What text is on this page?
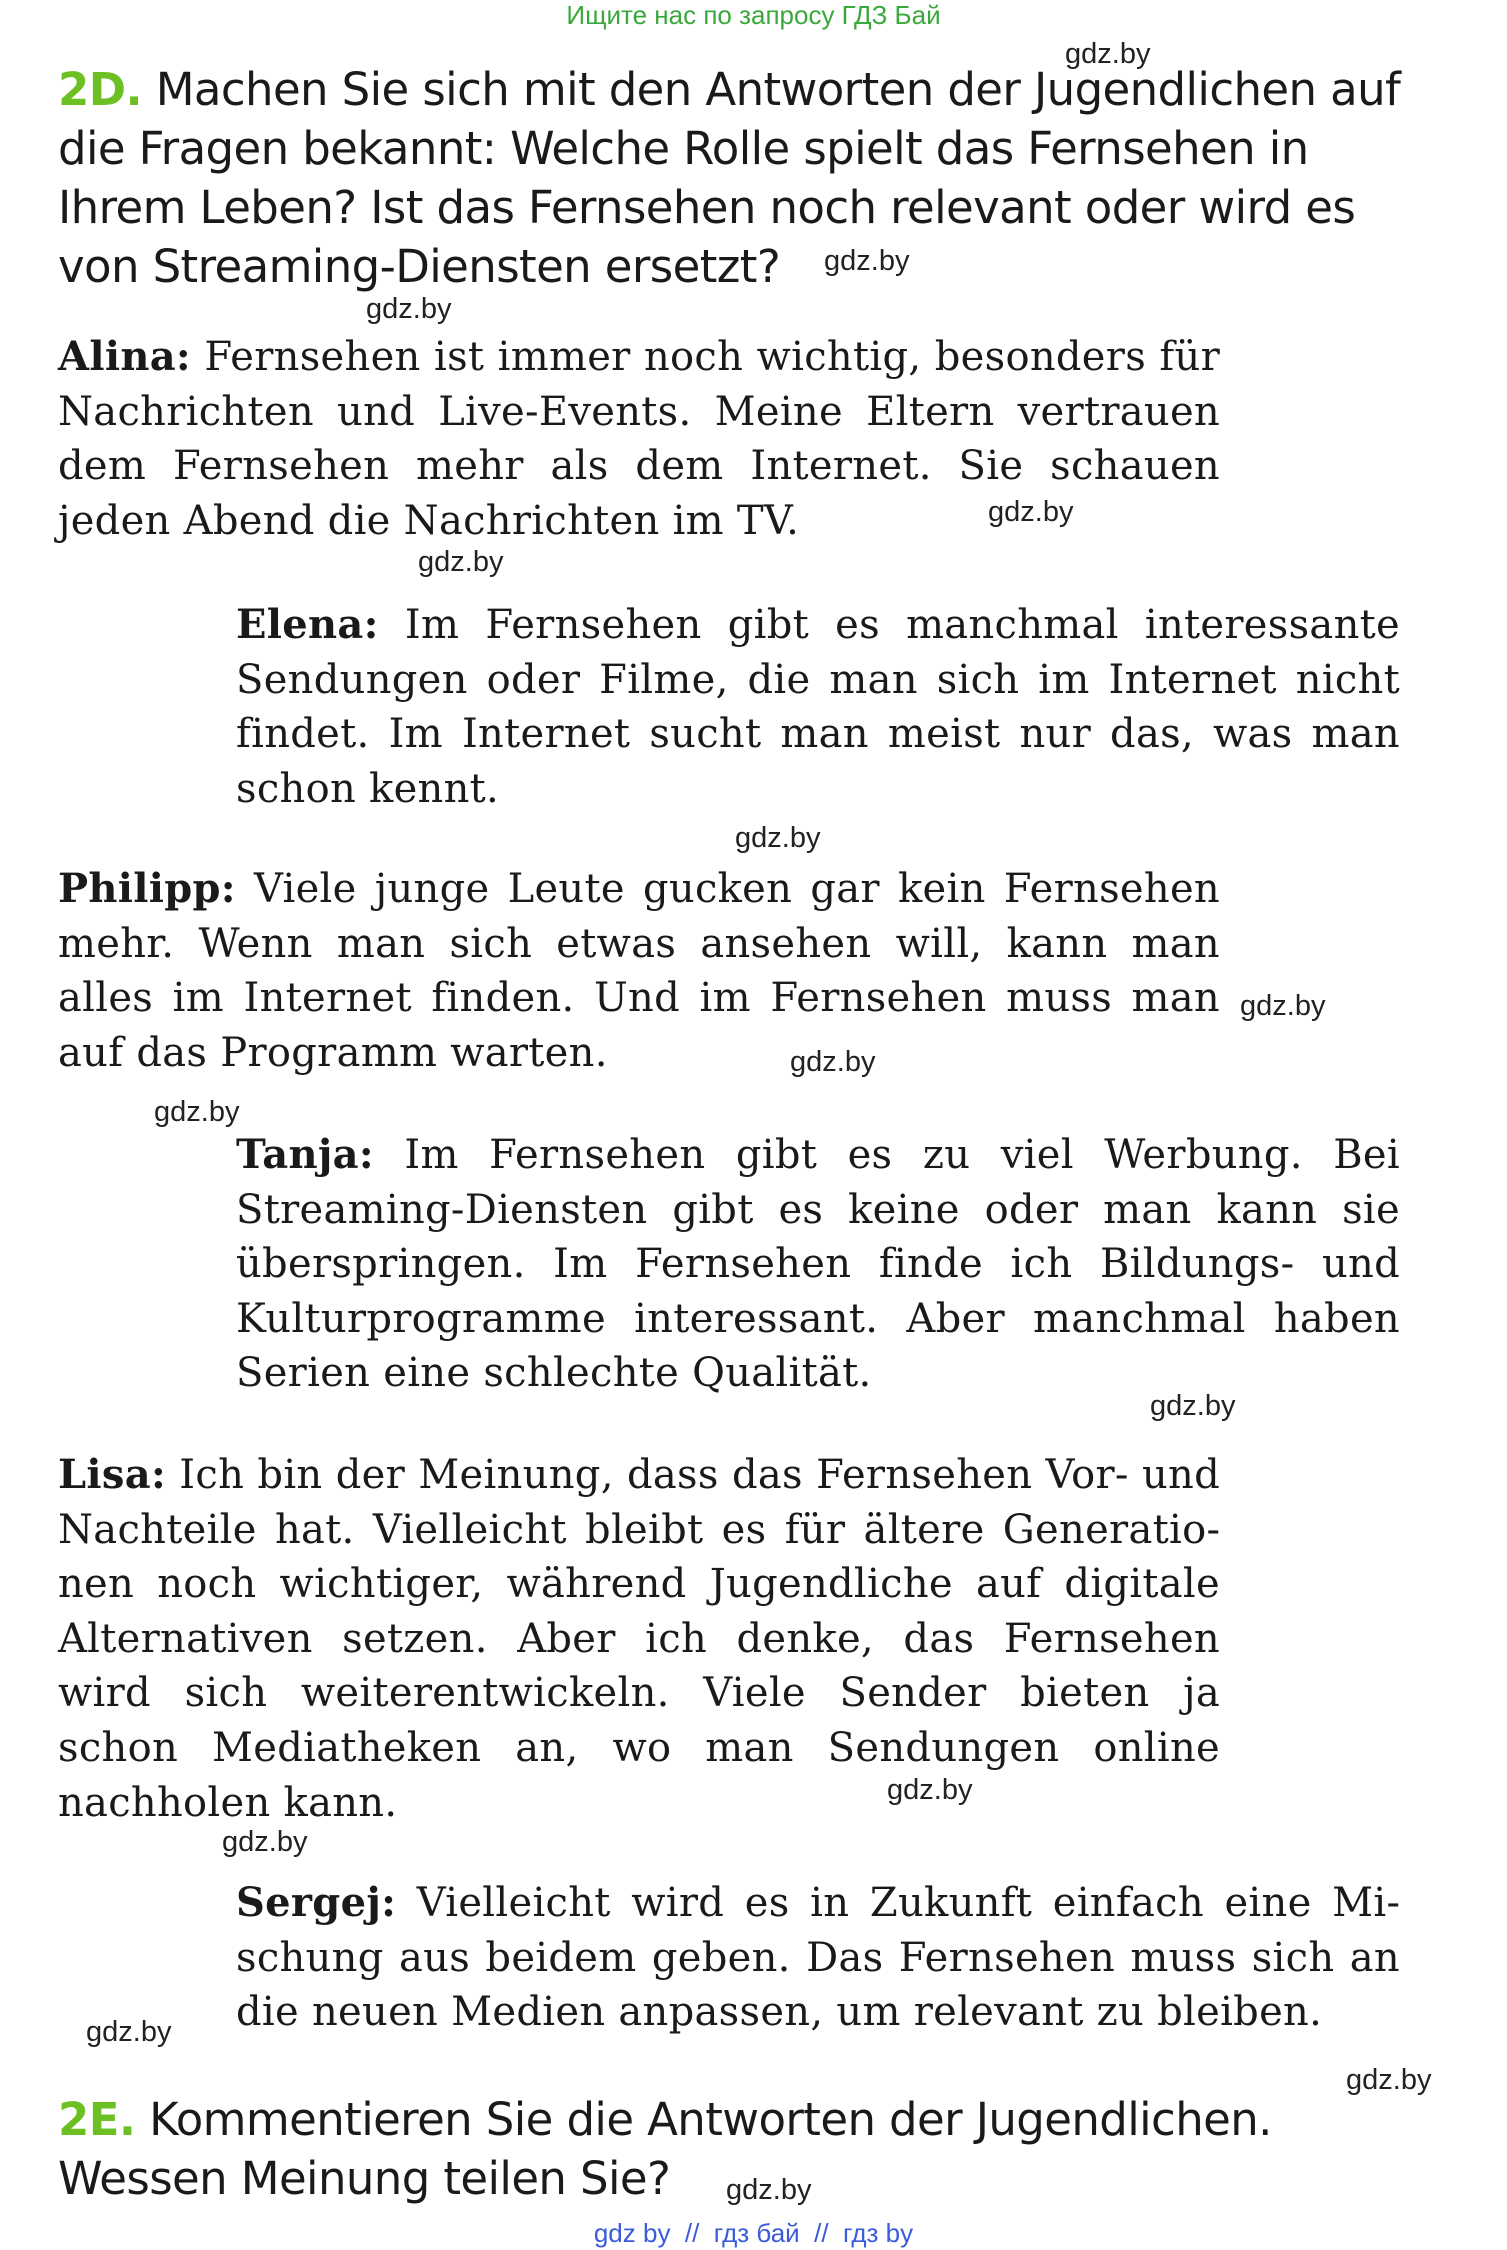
Ищите нас по запросу ГДЗ Бай
2D. Machen Sie sich mit den Antworten der Jugendlichen auf die Fragen bekannt: Welche Rolle spielt das Fernsehen in Ihrem Leben? Ist das Fernsehen noch relevant oder wird es von Streaming-Diensten ersetzt?
Alina: Fernsehen ist immer noch wichtig, besonders für Nachrichten und Live-Events. Meine Eltern vertrauen dem Fernsehen mehr als dem Internet. Sie schauen jeden Abend die Nachrichten im TV.
Elena: Im Fernsehen gibt es manchmal interessante Sendungen oder Filme, die man sich im Internet nicht findet. Im Internet sucht man meist nur das, was man schon kennt.
Philipp: Viele junge Leute gucken gar kein Fernsehen mehr. Wenn man sich etwas ansehen will, kann man alles im Internet finden. Und im Fernsehen muss man auf das Programm warten.
Tanja: Im Fernsehen gibt es zu viel Werbung. Bei Streaming-Diensten gibt es keine oder man kann sie überspringen. Im Fernsehen finde ich Bildungs- und Kulturprogramme interessant. Aber manchmal haben Serien eine schlechte Qualität.
Lisa: Ich bin der Meinung, dass das Fernsehen Vor- und Nachteile hat. Vielleicht bleibt es für ältere Generationen noch wichtiger, während Jugendliche auf digitale Alternativen setzen. Aber ich denke, das Fernsehen wird sich weiterentwickeln. Viele Sender bieten ja schon Mediatheken an, wo man Sendungen online nachholen kann.
Sergej: Vielleicht wird es in Zukunft einfach eine Mischung aus beidem geben. Das Fernsehen muss sich an die neuen Medien anpassen, um relevant zu bleiben.
2E. Kommentieren Sie die Antworten der Jugendlichen. Wessen Meinung teilen Sie?
gdz.by
gdz.by
gdz.by
gdz.by
gdz.by
gdz.by
gdz.by
gdz.by
gdz.by
gdz.by
gdz.by
gdz.by
gdz.by
gdz.by
gdz.by
gdz by  //  гдз бай  //  гдз by
